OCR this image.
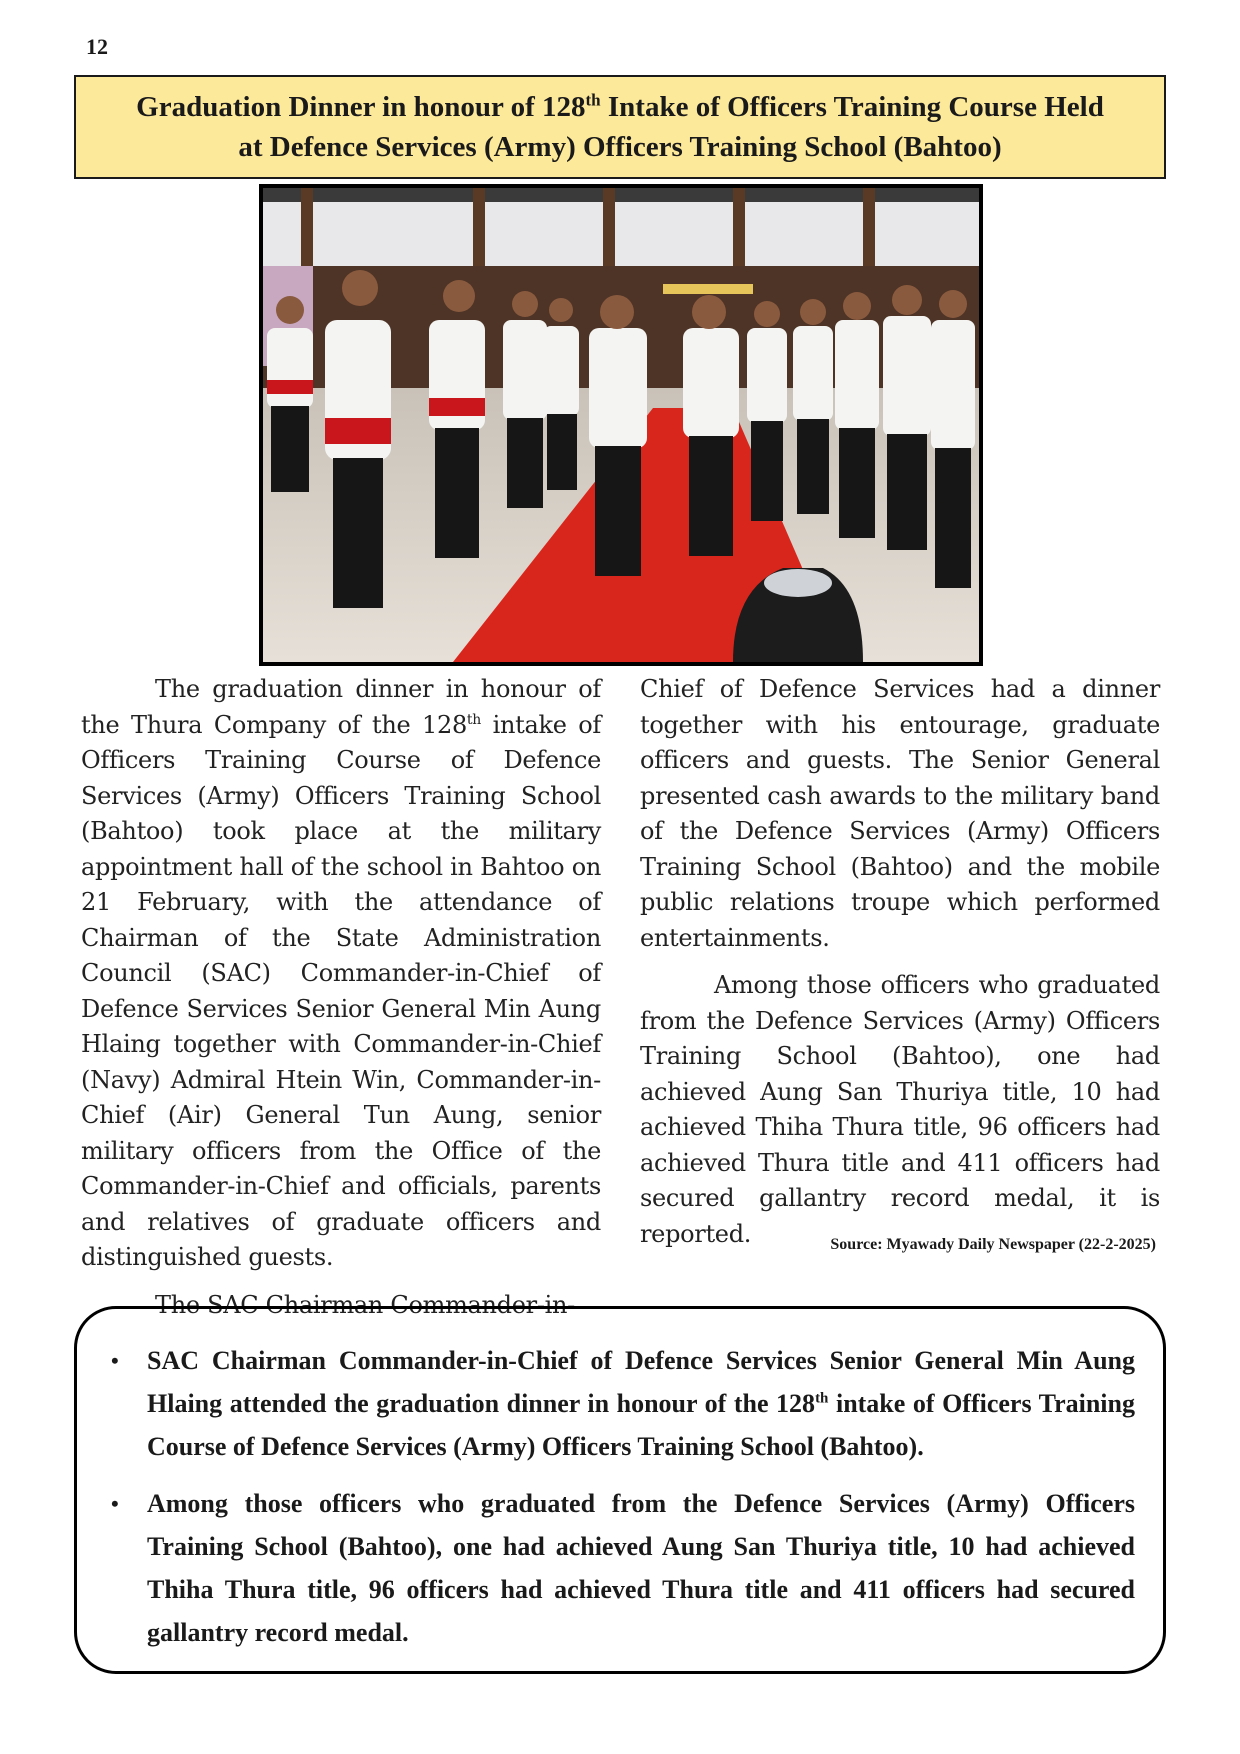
12
Graduation Dinner in honour of 128th Intake of Officers Training Course Held
at Defence Services (Army) Officers Training School (Bahtoo)

The graduation dinner in honour of the Thura Company of the 128th intake of Officers Training Course of Defence Services (Army) Officers Training School (Bahtoo) took place at the military appointment hall of the school in Bahtoo on 21 February, with the attendance of Chairman of the State Administration Council (SAC) Commander-in-Chief of Defence Services Senior General Min Aung Hlaing together with Commander-in-Chief (Navy) Admiral Htein Win, Commander-in-Chief (Air) General Tun Aung, senior military officers from the Office of the Commander-in-Chief and officials, parents and relatives of graduate officers and distinguished guests.

The SAC Chairman Commander-in-

Chief of Defence Services had a dinner together with his entourage, graduate officers and guests. The Senior General presented cash awards to the military band of the Defence Services (Army) Officers Training School (Bahtoo) and the mobile public relations troupe which performed entertainments.

Among those officers who graduated from the Defence Services (Army) Officers Training School (Bahtoo), one had achieved Aung San Thuriya title, 10 had achieved Thiha Thura title, 96 officers had achieved Thura title and 411 officers had secured gallantry record medal, it is reported.	Source: Myawady Daily Newspaper (22-2-2025)
• SAC Chairman Commander-in-Chief of Defence Services Senior General Min Aung Hlaing attended the graduation dinner in honour of the 128th intake of Officers Training Course of Defence Services (Army) Officers Training School (Bahtoo).
• Among those officers who graduated from the Defence Services (Army) Officers Training School (Bahtoo), one had achieved Aung San Thuriya title, 10 had achieved Thiha Thura title, 96 officers had achieved Thura title and 411 officers had secured gallantry record medal.
